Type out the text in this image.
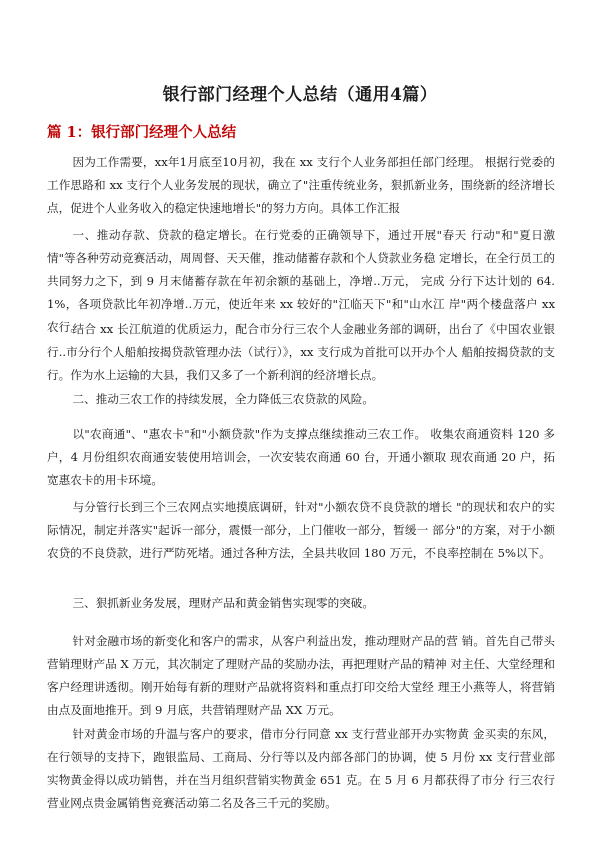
银行部门经理个人总结（通用4篇）
篇 1：银行部门经理个人总结

因为工作需要，xx年1月底至10月初，我在 xx 支行个人业务部担任部门经理。 根据行党委的工作思路和 xx 支行个人业务发展的现状，确立了"注重传统业务，狠抓新业务，围绕新的经济增长点，促进个人业务收入的稳定快速地增长"的努力方向。具体工作汇报

一、推动存款、贷款的稳定增长。在行党委的正确领导下，通过开展"春天 行动"和"夏日激情"等各种劳动竞赛活动，周周督、天天催，推动储蓄存款和个人贷款业务稳 定增长，在全行员工的共同努力之下，到 9 月末储蓄存款在年初余额的基础上，净增..万元， 完成 分行下达计划的 64.1%，各项贷款比年初净增..万元，使近年来 xx 较好的"江临天下"和"山水江 岸"两个楼盘落户 xx 农行。

结合 xx 长江航道的优质运力，配合市分行三农个人金融业务部的调研，出台了《中国农业银行..市分行个人船舶按揭贷款管理办法（试行）》，xx 支行成为首批可以开办个人 船舶按揭贷款的支行。作为水上运输的大县，我们又多了一个新利润的经济增长点。

二、推动三农工作的持续发展，全力降低三农贷款的风险。

以"农商通"、"惠农卡"和"小额贷款"作为支撑点继续推动三农工作。 收集农商通资料 120 多户，4 月份组织农商通安装使用培训会，一次安装农商通 60 台，开通小额取 现农商通 20 户，拓宽惠农卡的用卡环境。

与分管行长到三个三农网点实地摸底调研，针对"小额农贷不良贷款的增长 "的现状和农户的实际情况，制定并落实"起诉一部分，震慑一部分，上门催收一部分，暂缓一 部分"的方案，对于小额农贷的不良贷款，进行严防死堵。通过各种方法，全县共收回 180 万元，不良率控制在 5%以下。

三、狠抓新业务发展，理财产品和黄金销售实现零的突破。

针对金融市场的新变化和客户的需求，从客户利益出发，推动理财产品的营 销。首先自己带头营销理财产品 X 万元，其次制定了理财产品的奖励办法，再把理财产品的精神 对主任、大堂经理和客户经理讲透彻。刚开始每有新的理财产品就将资料和重点打印交给大堂经 理王小燕等人，将营销由点及面地推开。到 9 月底，共营销理财产品 XX 万元。

针对黄金市场的升温与客户的要求，借市分行同意 xx 支行营业部开办实物黄 金买卖的东风，在行领导的支持下，跑银监局、工商局、分行等以及内部各部门的协调，使 5 月份 xx 支行营业部实物黄金得以成功销售，并在当月组织营销实物黄金 651 克。在 5 月 6 月都获得了市分 行三农行营业网点贵金属销售竞赛活动第二名及各三千元的奖励。
